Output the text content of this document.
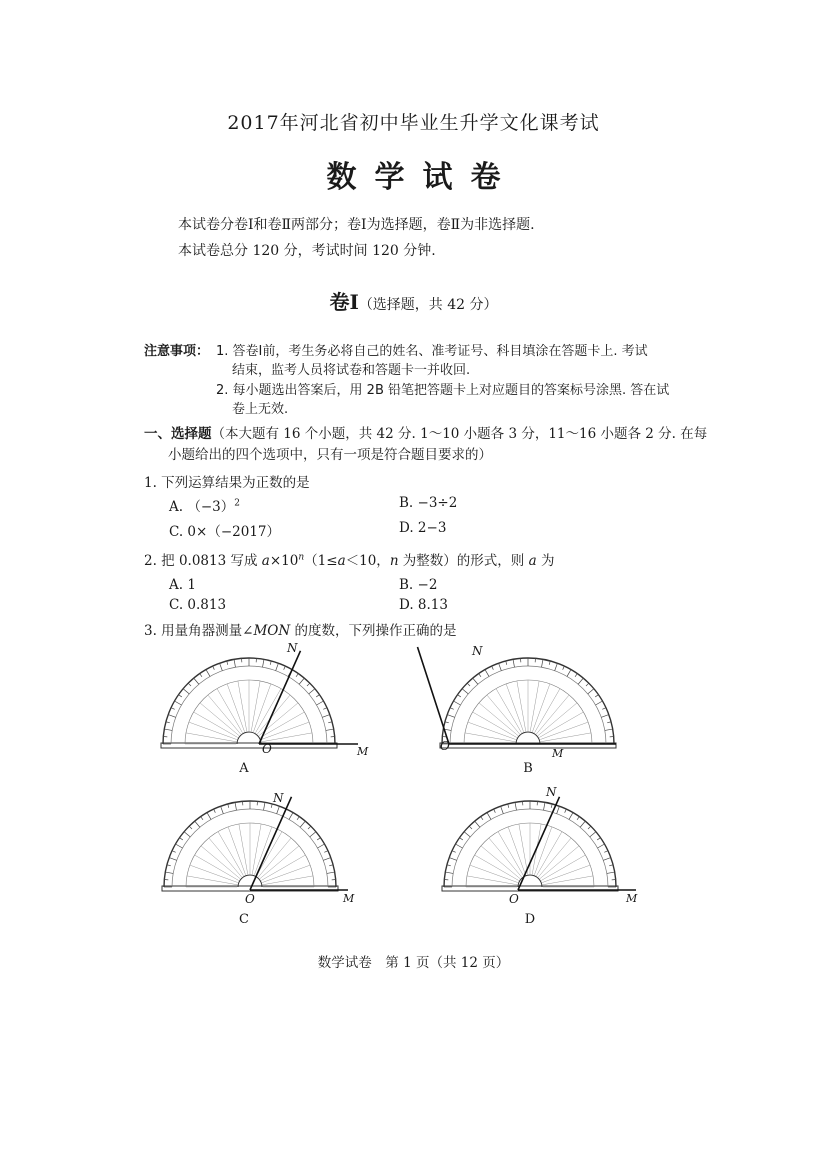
2017年河北省初中毕业生升学文化课考试
数学试卷
本试卷分卷Ⅰ和卷Ⅱ两部分；卷Ⅰ为选择题，卷Ⅱ为非选择题.
本试卷总分 120 分，考试时间 120 分钟.
卷Ⅰ（选择题，共 42 分）
注意事项： 1. 答卷Ⅰ前，考生务必将自己的姓名、准考证号、科目填涂在答题卡上. 考试
结束，监考人员将试卷和答题卡一并收回.
2. 每小题选出答案后，用 2B 铅笔把答题卡上对应题目的答案标号涂黑. 答在试
卷上无效.
一、选择题（本大题有 16 个小题，共 42 分. 1～10 小题各 3 分，11～16 小题各 2 分. 在每
小题给出的四个选项中，只有一项是符合题目要求的）
1. 下列运算结果为正数的是
A. $(-3)^2$	B. −3÷2
C. 0×（−2017）	D. 2−3
2. 把 0.0813 写成 $a\times 10^n(1\le a<10$，n 为整数）的形式，则 a 为
A. 1	B. −2
C. 0.813	D. 8.13
3. 用量角器测量∠MON 的度数，下列操作正确的是
N
O	M
A
N
O
M
B
N
O	M
C
N
O	M
D
数学试卷　第 1 页（共 12 页）
